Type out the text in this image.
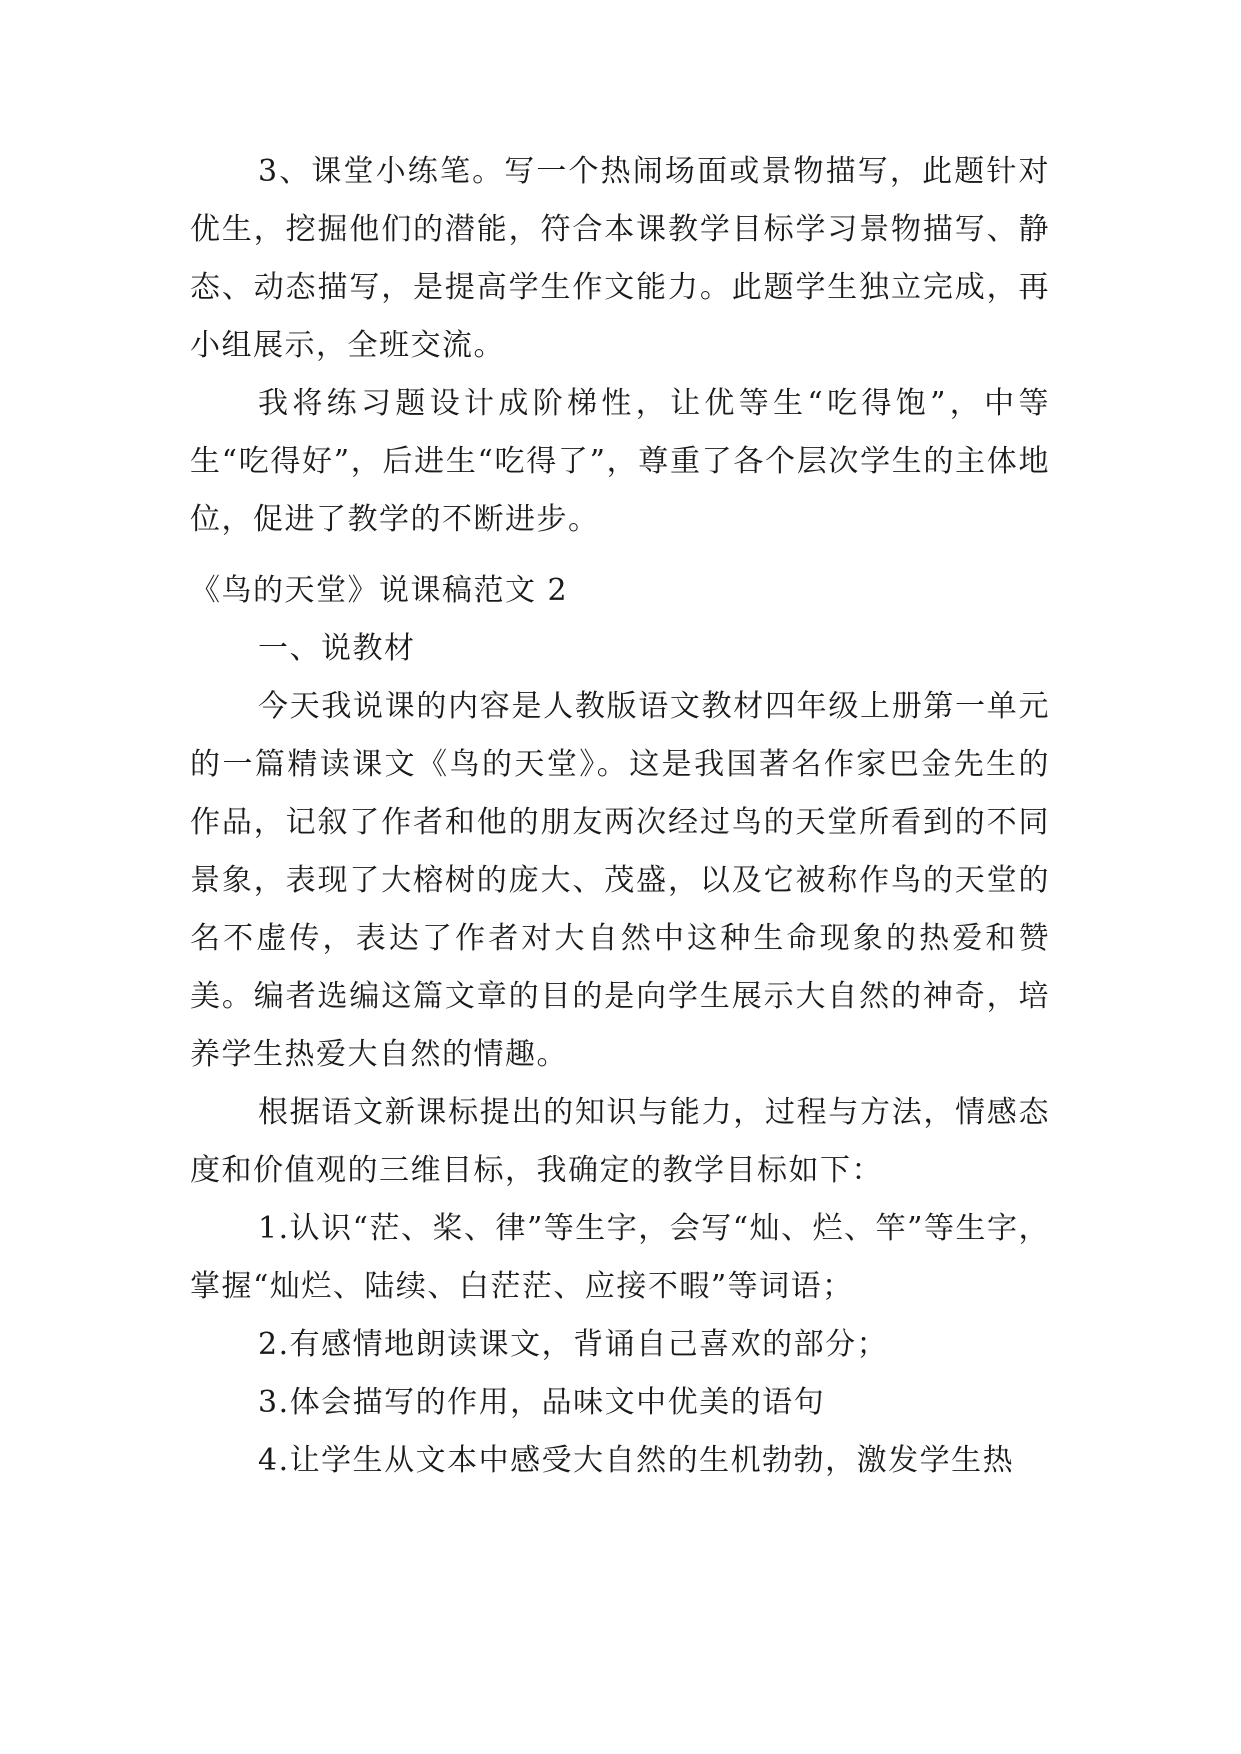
3、课堂小练笔。写一个热闹场面或景物描写，此题针对优生，挖掘他们的潜能，符合本课教学目标学习景物描写、静态、动态描写，是提高学生作文能力。此题学生独立完成，再小组展示，全班交流。

我将练习题设计成阶梯性，让优等生“吃得饱”，中等生“吃得好”，后进生“吃得了”，尊重了各个层次学生的主体地位，促进了教学的不断进步。

《鸟的天堂》说课稿范文 2

一、说教材

今天我说课的内容是人教版语文教材四年级上册第一单元的一篇精读课文《鸟的天堂》。这是我国著名作家巴金先生的作品，记叙了作者和他的朋友两次经过鸟的天堂所看到的不同景象，表现了大榕树的庞大、茂盛，以及它被称作鸟的天堂的名不虚传，表达了作者对大自然中这种生命现象的热爱和赞美。编者选编这篇文章的目的是向学生展示大自然的神奇，培养学生热爱大自然的情趣。

根据语文新课标提出的知识与能力，过程与方法，情感态度和价值观的三维目标，我确定的教学目标如下：

1.认识“茫、桨、律”等生字，会写“灿、烂、竿”等生字，掌握“灿烂、陆续、白茫茫、应接不暇”等词语；

2.有感情地朗读课文，背诵自己喜欢的部分；

3.体会描写的作用，品味文中优美的语句

4.让学生从文本中感受大自然的生机勃勃，激发学生热
